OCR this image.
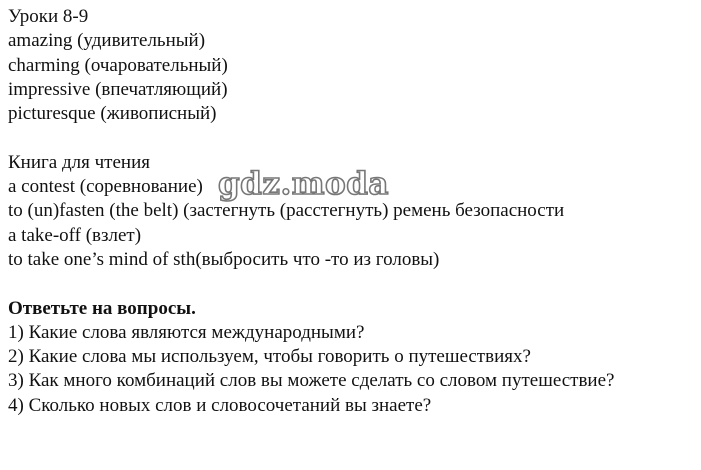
Уроки 8-9
amazing (удивительный)
charming (очаровательный)
impressive (впечатляющий)
picturesque (живописный)
Книга для чтения
a contest (соревнование)
to (un)fasten (the belt) (застегнуть (расстегнуть) ремень безопасности
a take-off (взлет)
to take one’s mind of sth(выбросить что -то из головы)
Ответьте на вопросы.
1) Какие слова являются международными?
2) Какие слова мы используем, чтобы говорить о путешествиях?
3) Как много комбинаций слов вы можете сделать со словом путешествие?
4) Сколько новых слов и словосочетаний вы знаете?
gdz.moda
